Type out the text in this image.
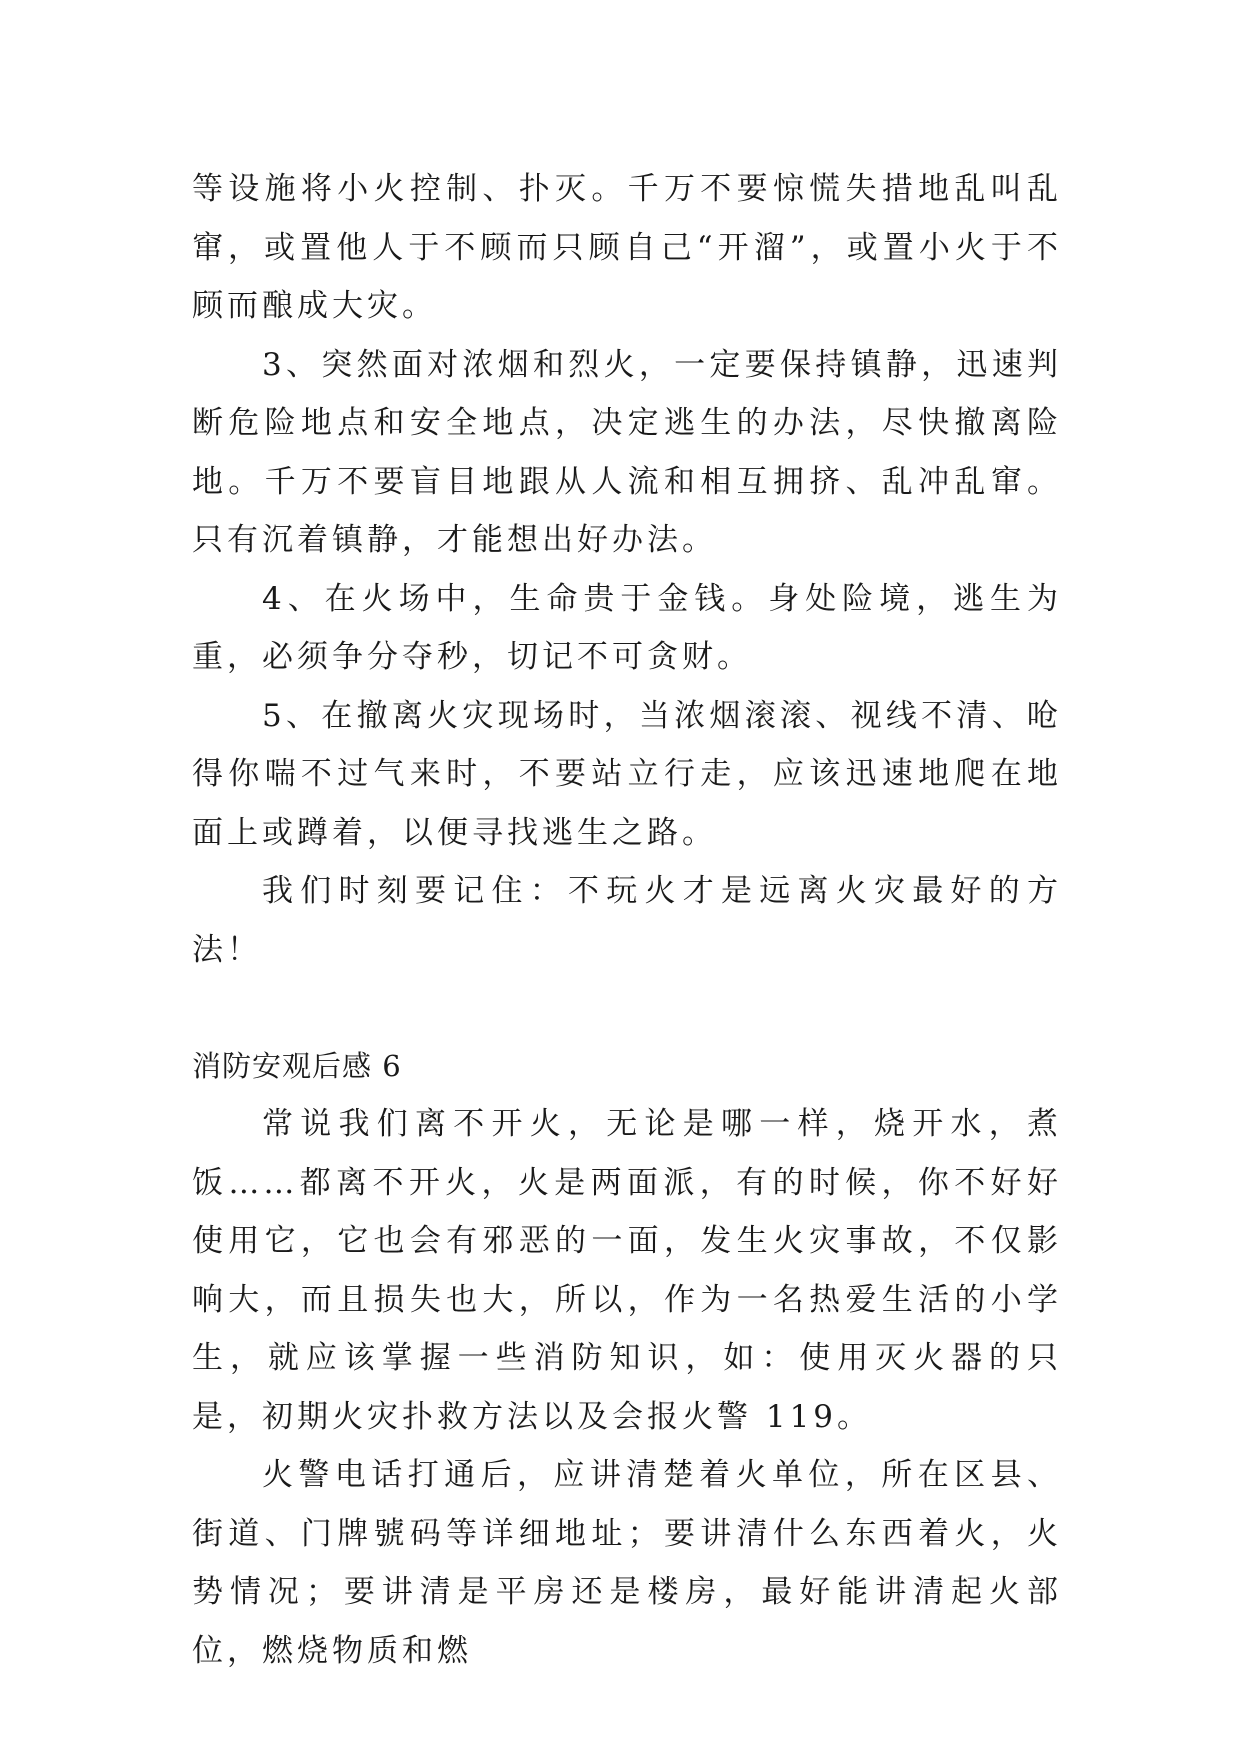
等设施将小火控制、扑灭。千万不要惊慌失措地乱叫乱窜，或置他人于不顾而只顾自己“开溜”，或置小火于不顾而酿成大灾。

3、突然面对浓烟和烈火，一定要保持镇静，迅速判断危险地点和安全地点，决定逃生的办法，尽快撤离险地。千万不要盲目地跟从人流和相互拥挤、乱冲乱窜。只有沉着镇静，才能想出好办法。

4、在火场中，生命贵于金钱。身处险境，逃生为重，必须争分夺秒，切记不可贪财。

5、在撤离火灾现场时，当浓烟滚滚、视线不清、呛得你喘不过气来时，不要站立行走，应该迅速地爬在地面上或蹲着，以便寻找逃生之路。

我们时刻要记住：不玩火才是远离火灾最好的方法！

消防安观后感 6

常说我们离不开火，无论是哪一样，烧开水，煮饭……都离不开火，火是两面派，有的时候，你不好好使用它，它也会有邪恶的一面，发生火灾事故，不仅影响大，而且损失也大，所以，作为一名热爱生活的小学生，就应该掌握一些消防知识，如：使用灭火器的只是，初期火灾扑救方法以及会报火警 119。

火警电话打通后，应讲清楚着火单位，所在区县、街道、门牌號码等详细地址；要讲清什么东西着火，火势情况；要讲清是平房还是楼房，最好能讲清起火部位，燃烧物质和燃
